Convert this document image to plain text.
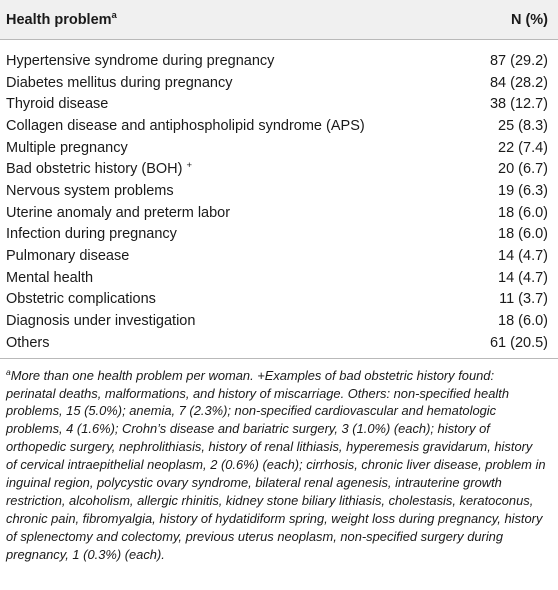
Health problem$^a$	N (%)
Hypertensive syndrome during pregnancy	87 (29.2)
Diabetes mellitus during pregnancy	84 (28.2)
Thyroid disease	38 (12.7)
Collagen disease and antiphospholipid syndrome (APS)	25 (8.3)
Multiple pregnancy	22 (7.4)
Bad obstetric history (BOH) +	20 (6.7)
Nervous system problems	19 (6.3)
Uterine anomaly and preterm labor	18 (6.0)
Infection during pregnancy	18 (6.0)
Pulmonary disease	14 (4.7)
Mental health	14 (4.7)
Obstetric complications	11 (3.7)
Diagnosis under investigation	18 (6.0)
Others	61 (20.5)
$^a$More than one health problem per woman. +Examples of bad obstetric history found: perinatal deaths, malformations, and history of miscarriage. Others: non-specified health problems, 15 (5.0%); anemia, 7 (2.3%); non-specified cardiovascular and hematologic problems, 4 (1.6%); Crohn’s disease and bariatric surgery, 3 (1.0%) (each); history of orthopedic surgery, nephrolithiasis, history of renal lithiasis, hyperemesis gravidarum, history of cervical intraepithelial neoplasm, 2 (0.6%) (each); cirrhosis, chronic liver disease, problem in inguinal region, polycystic ovary syndrome, bilateral renal agenesis, intrauterine growth restriction, alcoholism, allergic rhinitis, kidney stone biliary lithiasis, cholestasis, keratoconus, chronic pain, fibromyalgia, history of hydatidiform spring, weight loss during pregnancy, history of splenectomy and colectomy, previous uterus neoplasm, non-specified surgery during pregnancy, 1 (0.3%) (each).
